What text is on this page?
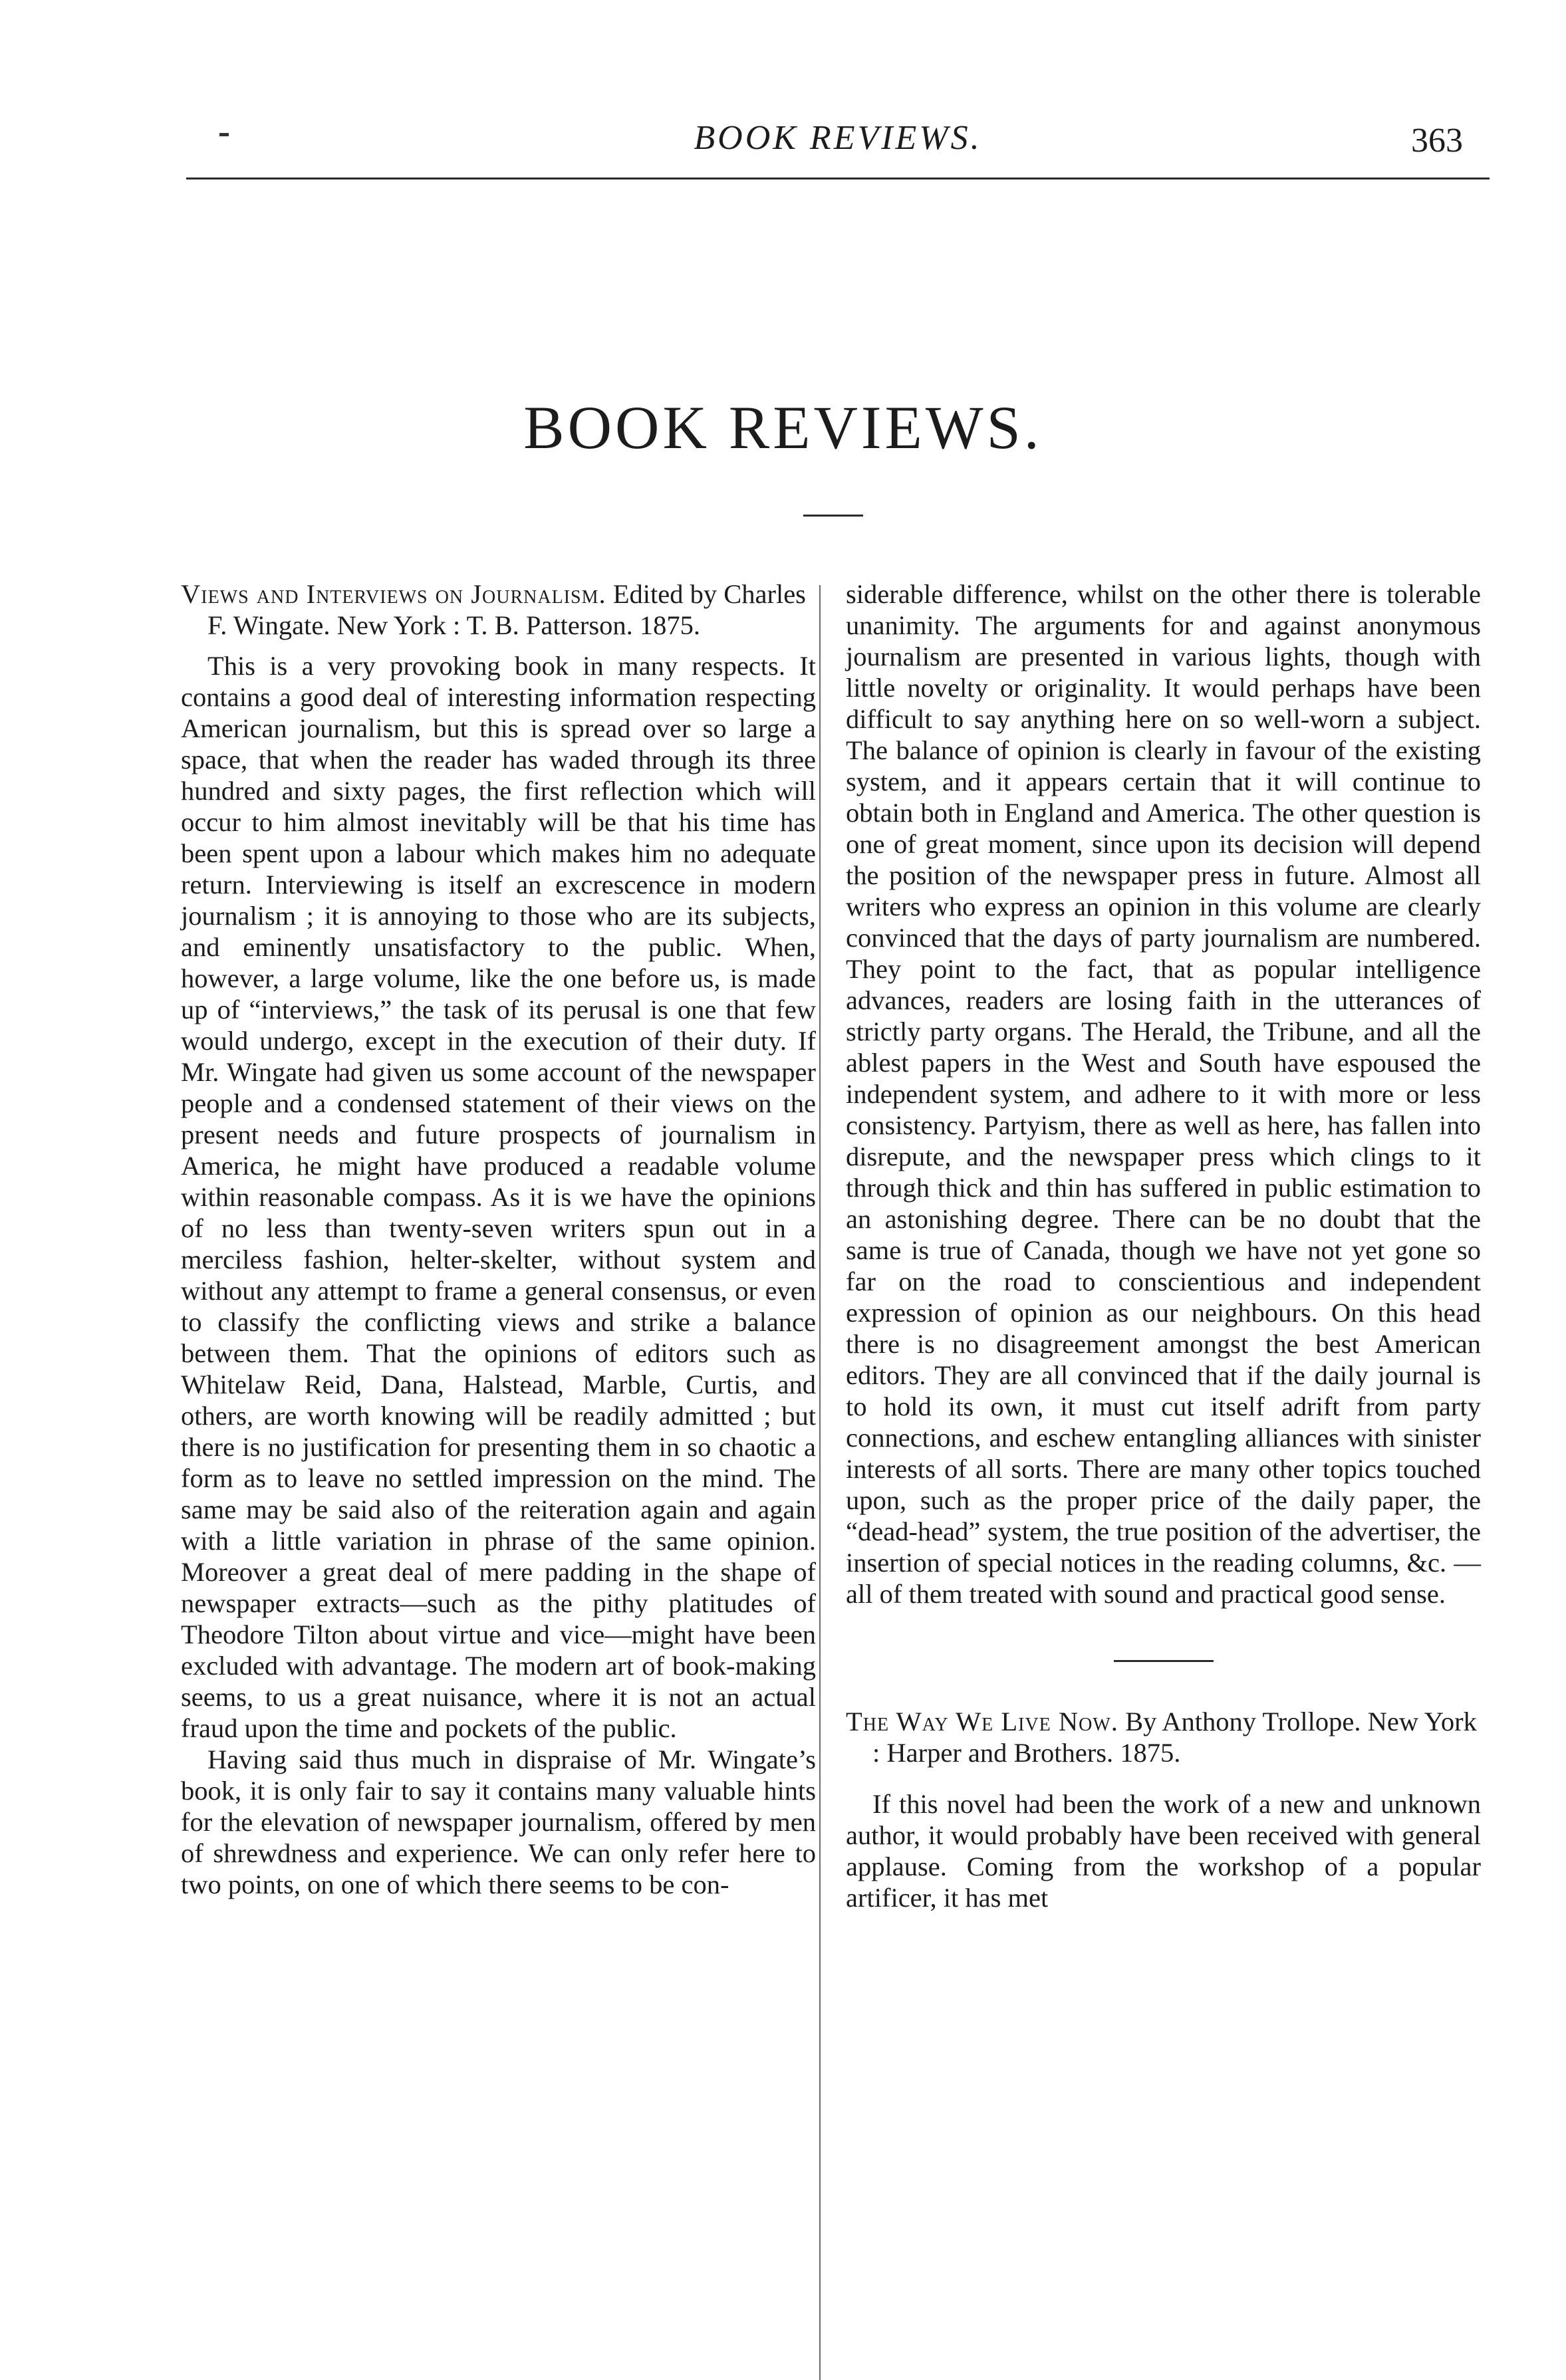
BOOK REVIEWS.	363
BOOK REVIEWS.

Views and Interviews on Journalism. Edited by Charles F. Wingate. New York : T. B. Patterson. 1875.

This is a very provoking book in many respects. It contains a good deal of interesting information respecting American journalism, but this is spread over so large a space, that when the reader has waded through its three hundred and sixty pages, the first reflection which will occur to him almost inevitably will be that his time has been spent upon a labour which makes him no adequate return. Interviewing is itself an excrescence in modern journalism ; it is annoying to those who are its subjects, and eminently unsatisfactory to the public. When, however, a large volume, like the one before us, is made up of “interviews,” the task of its perusal is one that few would undergo, except in the execution of their duty. If Mr. Wingate had given us some account of the newspaper people and a condensed statement of their views on the present needs and future prospects of journalism in America, he might have produced a readable volume within reasonable compass. As it is we have the opinions of no less than twenty-seven writers spun out in a merciless fashion, helter-skelter, without system and without any attempt to frame a general consensus, or even to classify the conflicting views and strike a balance between them. That the opinions of editors such as Whitelaw Reid, Dana, Halstead, Marble, Curtis, and others, are worth knowing will be readily admitted ; but there is no justification for presenting them in so chaotic a form as to leave no settled impression on the mind. The same may be said also of the reiteration again and again with a little variation in phrase of the same opinion. Moreover a great deal of mere padding in the shape of newspaper extracts—such as the pithy platitudes of Theodore Tilton about virtue and vice—might have been excluded with advantage. The modern art of book-making seems, to us a great nuisance, where it is not an actual fraud upon the time and pockets of the public.

Having said thus much in dispraise of Mr. Wingate’s book, it is only fair to say it contains many valuable hints for the elevation of newspaper journalism, offered by men of shrewdness and experience. We can only refer here to two points, on one of which there seems to be con-

siderable difference, whilst on the other there is tolerable unanimity. The arguments for and against anonymous journalism are presented in various lights, though with little novelty or originality. It would perhaps have been difficult to say anything here on so well-worn a subject. The balance of opinion is clearly in favour of the existing system, and it appears certain that it will continue to obtain both in England and America. The other question is one of great moment, since upon its decision will depend the position of the newspaper press in future. Almost all writers who express an opinion in this volume are clearly convinced that the days of party journalism are numbered. They point to the fact, that as popular intelligence advances, readers are losing faith in the utterances of strictly party organs. The Herald, the Tribune, and all the ablest papers in the West and South have espoused the independent system, and adhere to it with more or less consistency. Partyism, there as well as here, has fallen into disrepute, and the newspaper press which clings to it through thick and thin has suffered in public estimation to an astonishing degree. There can be no doubt that the same is true of Canada, though we have not yet gone so far on the road to conscientious and independent expression of opinion as our neighbours. On this head there is no disagreement amongst the best American editors. They are all convinced that if the daily journal is to hold its own, it must cut itself adrift from party connections, and eschew entangling alliances with sinister interests of all sorts. There are many other topics touched upon, such as the proper price of the daily paper, the “dead-head” system, the true position of the advertiser, the insertion of special notices in the reading columns, &c. —all of them treated with sound and practical good sense.

The Way We Live Now. By Anthony Trollope. New York : Harper and Brothers. 1875.

If this novel had been the work of a new and unknown author, it would probably have been received with general applause. Coming from the workshop of a popular artificer, it has met
